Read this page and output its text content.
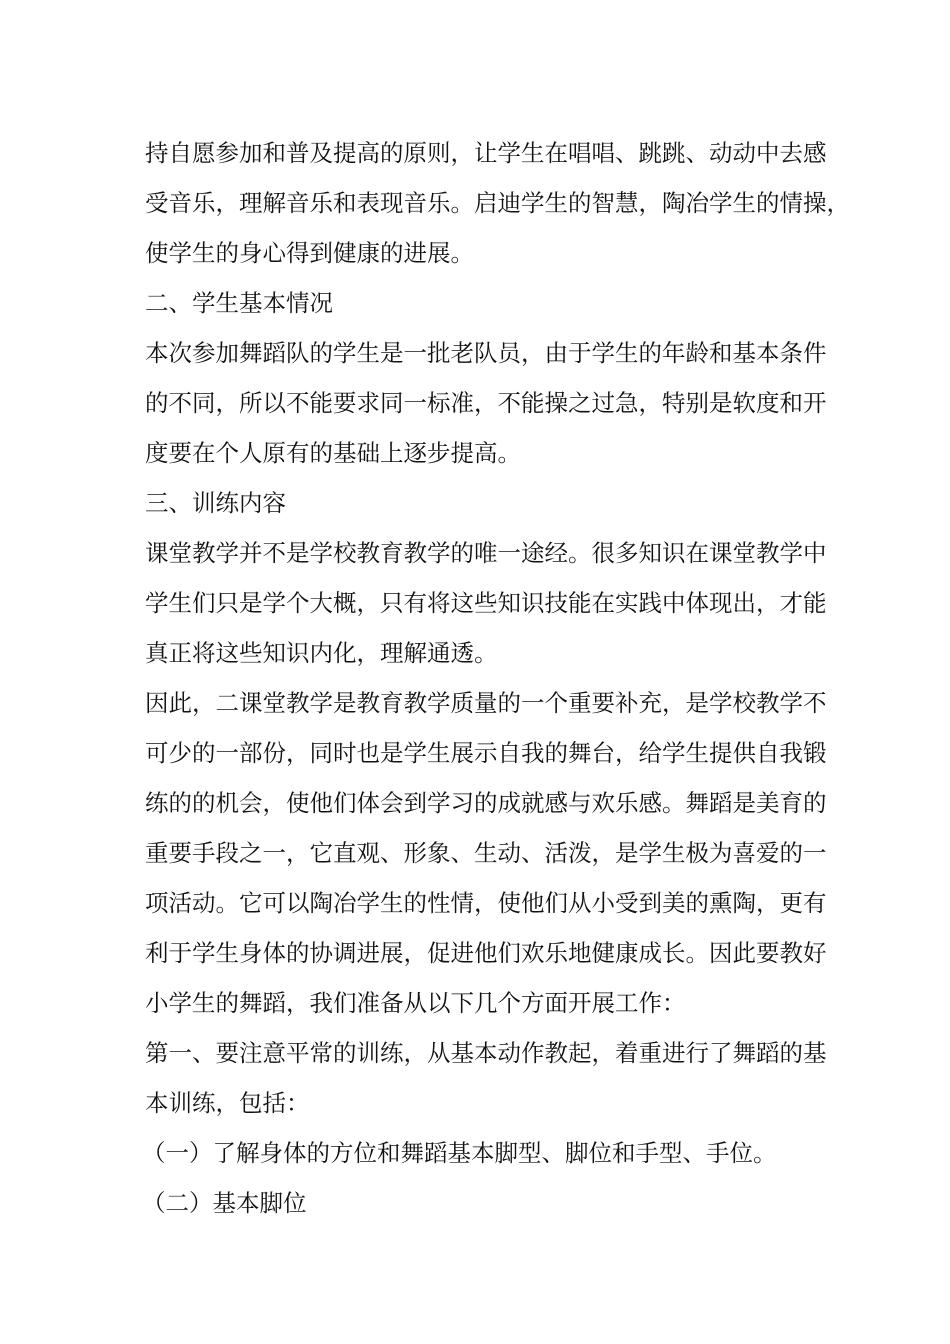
持自愿参加和普及提高的原则，让学生在唱唱、跳跳、动动中去感
受音乐，理解音乐和表现音乐。启迪学生的智慧，陶冶学生的情操，
使学生的身心得到健康的进展。
二、学生基本情况
本次参加舞蹈队的学生是一批老队员，由于学生的年龄和基本条件
的不同，所以不能要求同一标准，不能操之过急，特别是软度和开
度要在个人原有的基础上逐步提高。
三、训练内容
课堂教学并不是学校教育教学的唯一途经。很多知识在课堂教学中
学生们只是学个大概，只有将这些知识技能在实践中体现出，才能
真正将这些知识内化，理解通透。
因此，二课堂教学是教育教学质量的一个重要补充，是学校教学不
可少的一部份，同时也是学生展示自我的舞台，给学生提供自我锻
练的的机会，使他们体会到学习的成就感与欢乐感。舞蹈是美育的
重要手段之一，它直观、形象、生动、活泼，是学生极为喜爱的一
项活动。它可以陶冶学生的性情，使他们从小受到美的熏陶，更有
利于学生身体的协调进展，促进他们欢乐地健康成长。因此要教好
小学生的舞蹈，我们准备从以下几个方面开展工作：
第一、要注意平常的训练，从基本动作教起，着重进行了舞蹈的基
本训练，包括：
（一）了解身体的方位和舞蹈基本脚型、脚位和手型、手位。
（二）基本脚位
